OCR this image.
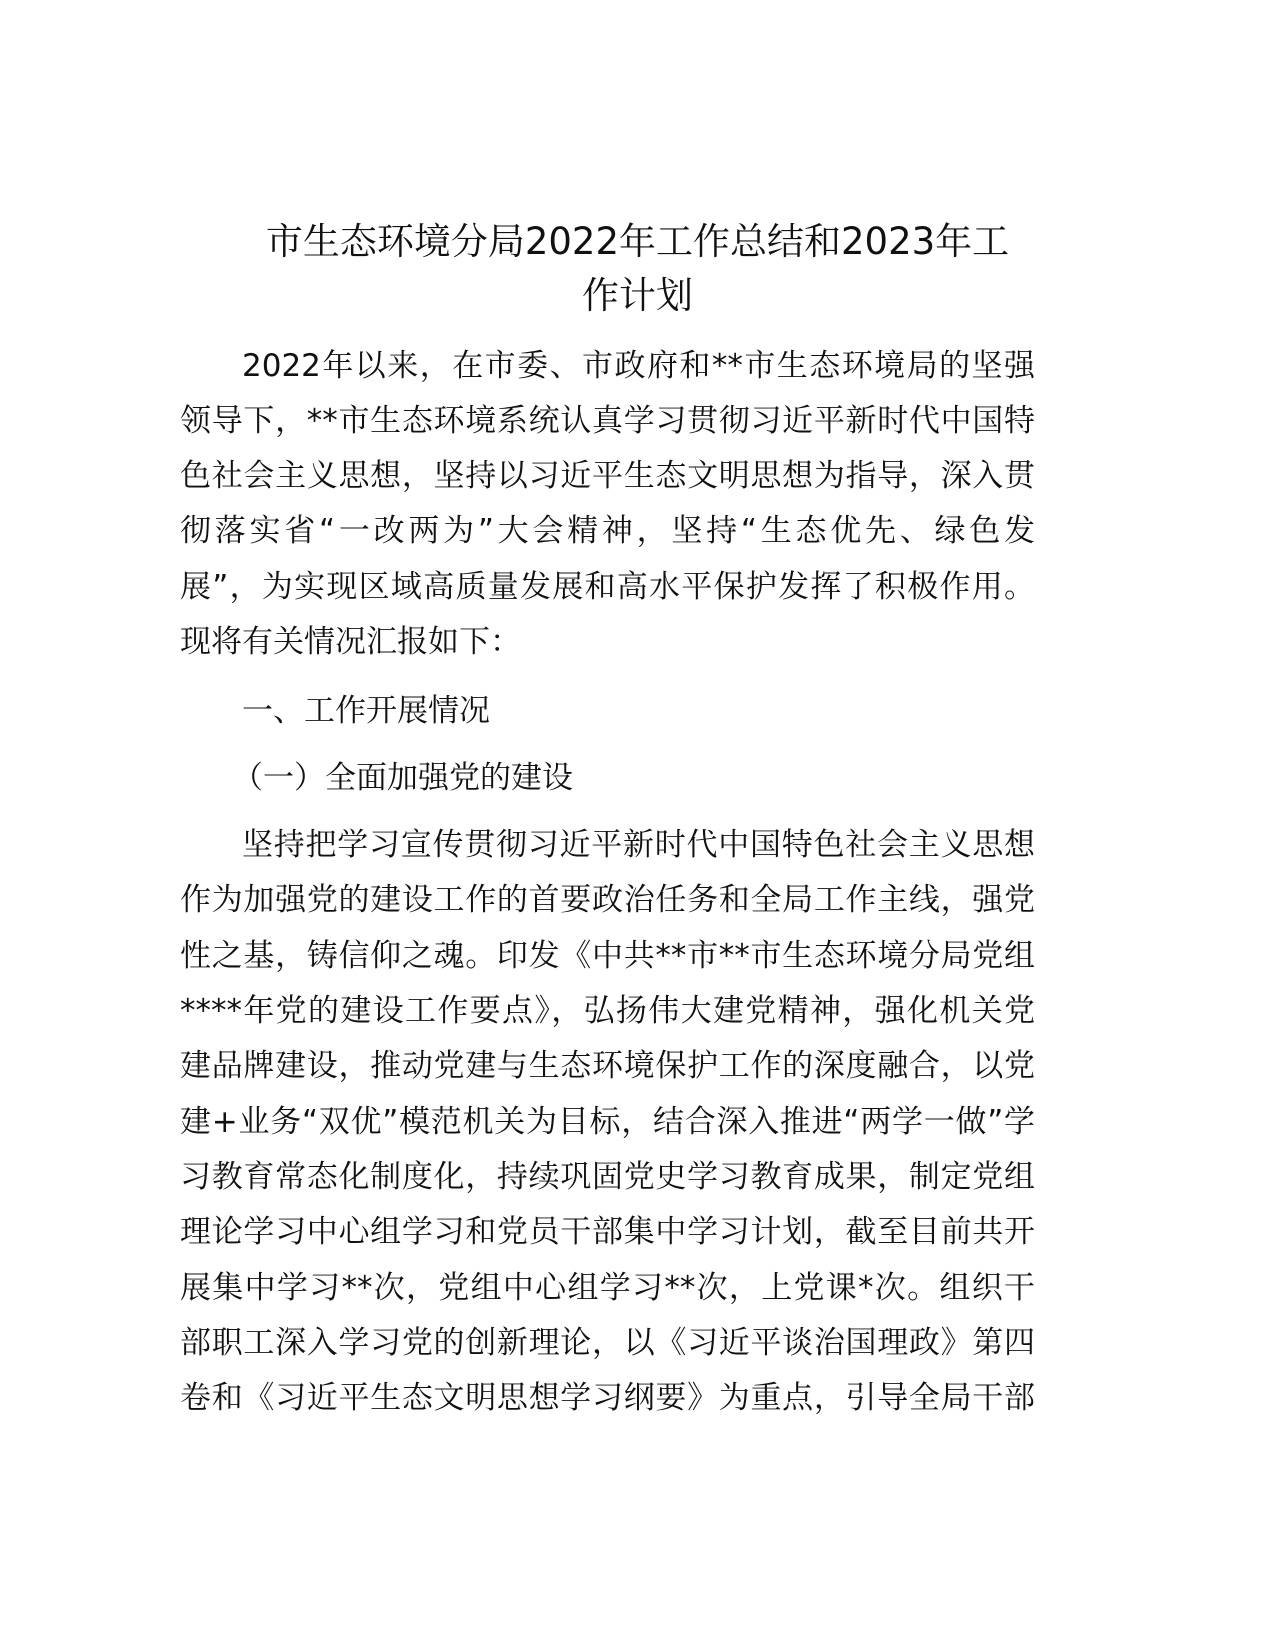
市生态环境分局2022年工作总结和2023年工
作计划
2022年以来，在市委、市政府和**市生态环境局的坚强
领导下，**市生态环境系统认真学习贯彻习近平新时代中国特
色社会主义思想，坚持以习近平生态文明思想为指导，深入贯
彻落实省“一改两为”大会精神，坚持“生态优先、绿色发
展”，为实现区域高质量发展和高水平保护发挥了积极作用。
现将有关情况汇报如下：
一、工作开展情况
（一）全面加强党的建设
坚持把学习宣传贯彻习近平新时代中国特色社会主义思想
作为加强党的建设工作的首要政治任务和全局工作主线，强党
性之基，铸信仰之魂。印发《中共**市**市生态环境分局党组
****年党的建设工作要点》，弘扬伟大建党精神，强化机关党
建品牌建设，推动党建与生态环境保护工作的深度融合，以党
建+业务“双优”模范机关为目标，结合深入推进“两学一做”学
习教育常态化制度化，持续巩固党史学习教育成果，制定党组
理论学习中心组学习和党员干部集中学习计划，截至目前共开
展集中学习**次，党组中心组学习**次，上党课*次。组织干
部职工深入学习党的创新理论，以《习近平谈治国理政》第四
卷和《习近平生态文明思想学习纲要》为重点，引导全局干部
